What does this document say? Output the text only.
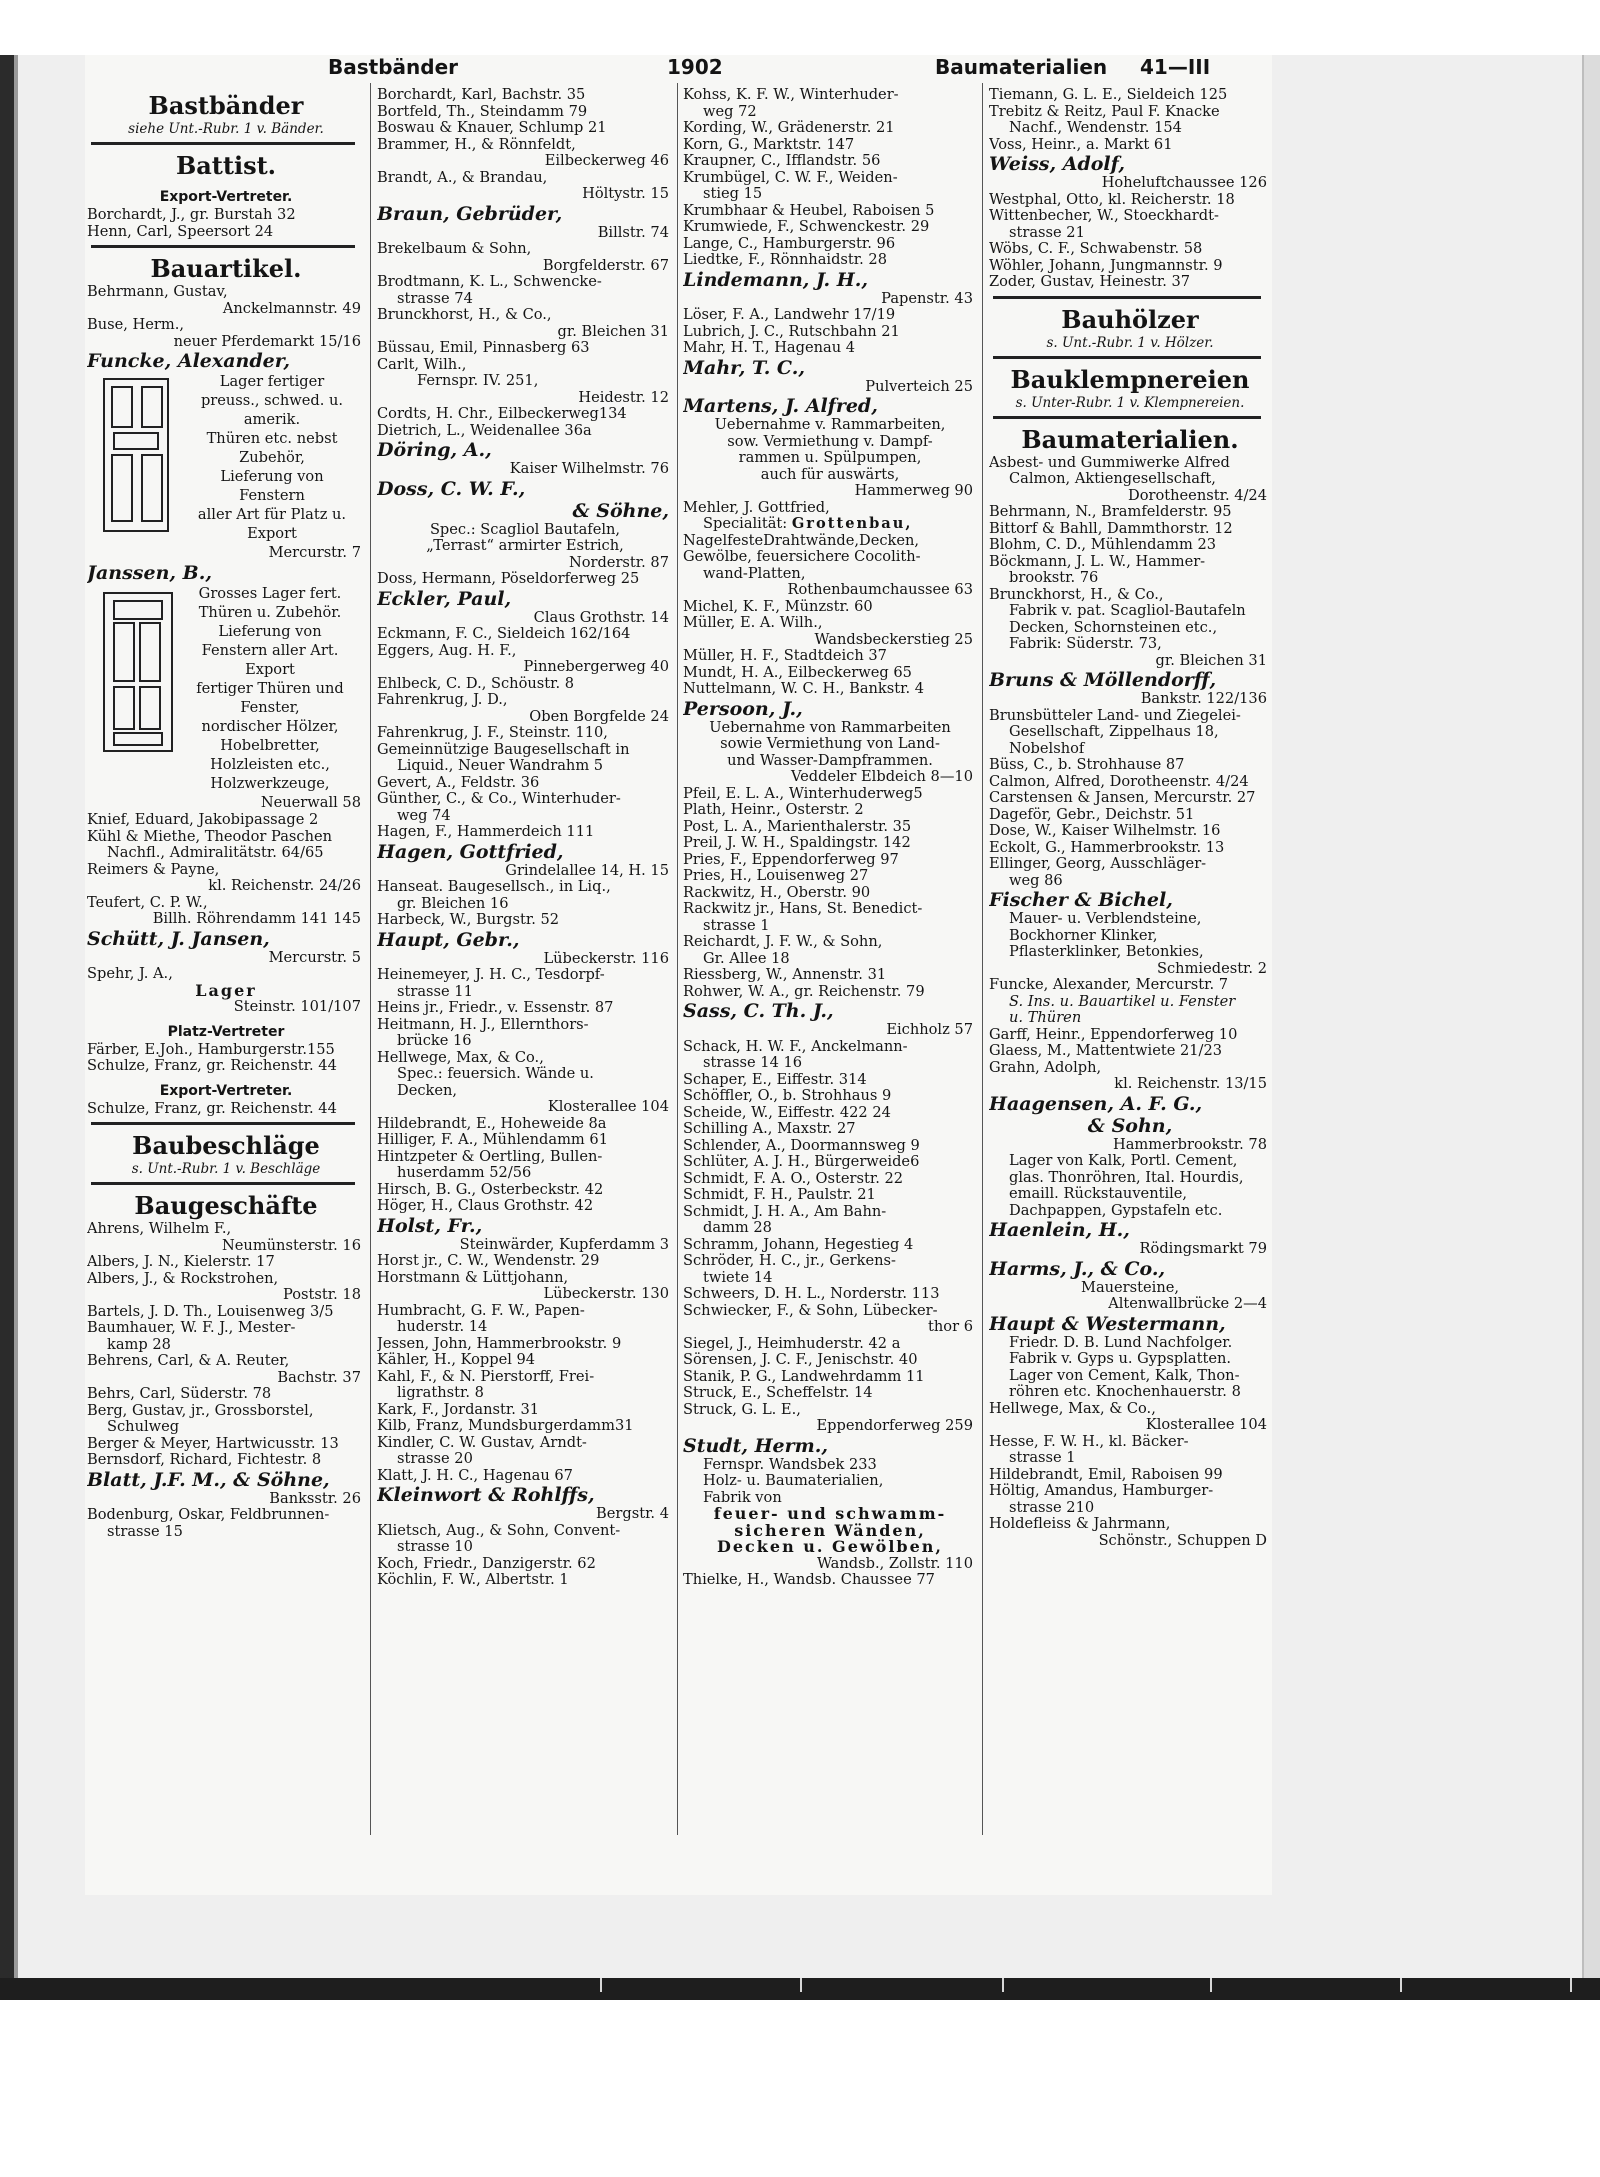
Bastbänder	1902	Baumaterialien 41—III
Bastbänder
siehe Unt.-Rubr. 1 v. Bänder.
Battist.
Export-Vertreter.
Borchardt, J., gr. Burstah 32
Henn, Carl, Speersort 24
Bauartikel.
Behrmann, Gustav,
Anckelmannstr. 49
Buse, Herm.,
neuer Pferdemarkt 15/16
Funcke, Alexander,
Lager fertiger
preuss., schwed. u.
amerik.
Thüren etc. nebst
Zubehör,
Lieferung von
Fenstern
aller Art für Platz u.
Export
Mercurstr. 7
Janssen, B.,
Grosses Lager fert.
Thüren u. Zubehör.
Lieferung von
Fenstern aller Art.
Export
fertiger Thüren und
Fenster,
nordischer Hölzer,
Hobelbretter,
Holzleisten etc.,
Holzwerkzeuge,
Neuerwall 58
Knief, Eduard, Jakobipassage 2
Kühl & Miethe, Theodor Paschen
Nachfl., Admiralitätstr. 64/65
Reimers & Payne,
kl. Reichenstr. 24/26
Teufert, C. P. W.,
Billh. Röhrendamm 141 145
Schütt, J. Jansen,
Mercurstr. 5
Spehr, J. A.,
Lager
Steinstr. 101/107
Platz-Vertreter
Färber, E.Joh., Hamburgerstr.155
Schulze, Franz, gr. Reichenstr. 44
Export-Vertreter.
Schulze, Franz, gr. Reichenstr. 44
Baubeschläge
s. Unt.-Rubr. 1 v. Beschläge
Baugeschäfte
Ahrens, Wilhelm F.,
Neumünsterstr. 16
Albers, J. N., Kielerstr. 17
Albers, J., & Rockstrohen,
Poststr. 18
Bartels, J. D. Th., Louisenweg 3/5
Baumhauer, W. F. J., Mester-
kamp 28
Behrens, Carl, & A. Reuter,
Bachstr. 37
Behrs, Carl, Süderstr. 78
Berg, Gustav, jr., Grossborstel,
Schulweg
Berger & Meyer, Hartwicusstr. 13
Bernsdorf, Richard, Fichtestr. 8
Blatt, J.F. M., & Söhne,
Banksstr. 26
Bodenburg, Oskar, Feldbrunnen-
strasse 15
Borchardt, Karl, Bachstr. 35
Bortfeld, Th., Steindamm 79
Boswau & Knauer, Schlump 21
Brammer, H., & Rönnfeldt,
Eilbeckerweg 46
Brandt, A., & Brandau,
Höltystr. 15
Braun, Gebrüder,
Billstr. 74
Brekelbaum & Sohn,
Borgfelderstr. 67
Brodtmann, K. L., Schwencke-
strasse 74
Brunckhorst, H., & Co.,
gr. Bleichen 31
Büssau, Emil, Pinnasberg 63
Carlt, Wilh.,
Fernspr. IV. 251,
Heidestr. 12
Cordts, H. Chr., Eilbeckerweg134
Dietrich, L., Weidenallee 36a
Döring, A.,
Kaiser Wilhelmstr. 76
Doss, C. W. F.,
& Söhne,
Spec.: Scagliol Bautafeln,
„Terrast“ armirter Estrich,
Norderstr. 87
Doss, Hermann, Pöseldorferweg 25
Eckler, Paul,
Claus Grothstr. 14
Eckmann, F. C., Sieldeich 162/164
Eggers, Aug. H. F.,
Pinnebergerweg 40
Ehlbeck, C. D., Schöustr. 8
Fahrenkrug, J. D.,
Oben Borgfelde 24
Fahrenkrug, J. F., Steinstr. 110,
Gemeinnützige Baugesellschaft in
Liquid., Neuer Wandrahm 5
Gevert, A., Feldstr. 36
Günther, C., & Co., Winterhuder-
weg 74
Hagen, F., Hammerdeich 111
Hagen, Gottfried,
Grindelallee 14, H. 15
Hanseat. Baugesellsch., in Liq.,
gr. Bleichen 16
Harbeck, W., Burgstr. 52
Haupt, Gebr.,
Lübeckerstr. 116
Heinemeyer, J. H. C., Tesdorpf-
strasse 11
Heins jr., Friedr., v. Essenstr. 87
Heitmann, H. J., Ellernthors-
brücke 16
Hellwege, Max, & Co.,
Spec.: feuersich. Wände u.
Decken,
Klosterallee 104
Hildebrandt, E., Hoheweide 8a
Hilliger, F. A., Mühlendamm 61
Hintzpeter & Oertling, Bullen-
huserdamm 52/56
Hirsch, B. G., Osterbeckstr. 42
Höger, H., Claus Grothstr. 42
Holst, Fr.,
Steinwärder, Kupferdamm 3
Horst jr., C. W., Wendenstr. 29
Horstmann & Lüttjohann,
Lübeckerstr. 130
Humbracht, G. F. W., Papen-
huderstr. 14
Jessen, John, Hammerbrookstr. 9
Kähler, H., Koppel 94
Kahl, F., & N. Pierstorff, Frei-
ligrathstr. 8
Kark, F., Jordanstr. 31
Kilb, Franz, Mundsburgerdamm31
Kindler, C. W. Gustav, Arndt-
strasse 20
Klatt, J. H. C., Hagenau 67
Kleinwort & Rohlffs,
Bergstr. 4
Klietsch, Aug., & Sohn, Convent-
strasse 10
Koch, Friedr., Danzigerstr. 62
Köchlin, F. W., Albertstr. 1
Kohss, K. F. W., Winterhuder-
weg 72
Kording, W., Grädenerstr. 21
Korn, G., Marktstr. 147
Kraupner, C., Ifflandstr. 56
Krumbügel, C. W. F., Weiden-
stieg 15
Krumbhaar & Heubel, Raboisen 5
Krumwiede, F., Schwenckestr. 29
Lange, C., Hamburgerstr. 96
Liedtke, F., Rönnhaidstr. 28
Lindemann, J. H.,
Papenstr. 43
Löser, F. A., Landwehr 17/19
Lubrich, J. C., Rutschbahn 21
Mahr, H. T., Hagenau 4
Mahr, T. C.,
Pulverteich 25
Martens, J. Alfred,
Uebernahme v. Rammarbeiten,
sow. Vermiethung v. Dampf-
rammen u. Spülpumpen,
auch für auswärts,
Hammerweg 90
Mehler, J. Gottfried,
Specialität: Grottenbau,
NagelfesteDrahtwände,Decken,
Gewölbe, feuersichere Cocolith-
wand-Platten,
Rothenbaumchaussee 63
Michel, K. F., Münzstr. 60
Müller, E. A. Wilh.,
Wandsbeckerstieg 25
Müller, H. F., Stadtdeich 37
Mundt, H. A., Eilbeckerweg 65
Nuttelmann, W. C. H., Bankstr. 4
Persoon, J.,
Uebernahme von Rammarbeiten
sowie Vermiethung von Land-
und Wasser-Dampframmen.
Veddeler Elbdeich 8—10
Pfeil, E. L. A., Winterhuderweg5
Plath, Heinr., Osterstr. 2
Post, L. A., Marienthalerstr. 35
Preil, J. W. H., Spaldingstr. 142
Pries, F., Eppendorferweg 97
Pries, H., Louisenweg 27
Rackwitz, H., Oberstr. 90
Rackwitz jr., Hans, St. Benedict-
strasse 1
Reichardt, J. F. W., & Sohn,
Gr. Allee 18
Riessberg, W., Annenstr. 31
Rohwer, W. A., gr. Reichenstr. 79
Sass, C. Th. J.,
Eichholz 57
Schack, H. W. F., Anckelmann-
strasse 14 16
Schaper, E., Eiffestr. 314
Schöffler, O., b. Strohhaus 9
Scheide, W., Eiffestr. 422 24
Schilling A., Maxstr. 27
Schlender, A., Doormannsweg 9
Schlüter, A. J. H., Bürgerweide6
Schmidt, F. A. O., Osterstr. 22
Schmidt, F. H., Paulstr. 21
Schmidt, J. H. A., Am Bahn-
damm 28
Schramm, Johann, Hegestieg 4
Schröder, H. C., jr., Gerkens-
twiete 14
Schweers, D. H. L., Norderstr. 113
Schwiecker, F., & Sohn, Lübecker-
thor 6
Siegel, J., Heimhuderstr. 42 a
Sörensen, J. C. F., Jenischstr. 40
Stanik, P. G., Landwehrdamm 11
Struck, E., Scheffelstr. 14
Struck, G. L. E.,
Eppendorferweg 259
Studt, Herm.,
Fernspr. Wandsbek 233
Holz- u. Baumaterialien,
Fabrik von
feuer- und schwamm-
sicheren Wänden,
Decken u. Gewölben,
Wandsb., Zollstr. 110
Thielke, H., Wandsb. Chaussee 77
Tiemann, G. L. E., Sieldeich 125
Trebitz & Reitz, Paul F. Knacke
Nachf., Wendenstr. 154
Voss, Heinr., a. Markt 61
Weiss, Adolf,
Hoheluftchaussee 126
Westphal, Otto, kl. Reicherstr. 18
Wittenbecher, W., Stoeckhardt-
strasse 21
Wöbs, C. F., Schwabenstr. 58
Wöhler, Johann, Jungmannstr. 9
Zoder, Gustav, Heinestr. 37
Bauhölzer
s. Unt.-Rubr. 1 v. Hölzer.
Bauklempnereien
s. Unter-Rubr. 1 v. Klempnereien.
Baumaterialien.
Asbest- und Gummiwerke Alfred
Calmon, Aktiengesellschaft,
Dorotheenstr. 4/24
Behrmann, N., Bramfelderstr. 95
Bittorf & Bahll, Dammthorstr. 12
Blohm, C. D., Mühlendamm 23
Böckmann, J. L. W., Hammer-
brookstr. 76
Brunckhorst, H., & Co.,
Fabrik v. pat. Scagliol-Bautafeln
Decken, Schornsteinen etc.,
Fabrik: Süderstr. 73,
gr. Bleichen 31
Bruns & Möllendorff,
Bankstr. 122/136
Brunsbütteler Land- und Ziegelei-
Gesellschaft, Zippelhaus 18,
Nobelshof
Büss, C., b. Strohhause 87
Calmon, Alfred, Dorotheenstr. 4/24
Carstensen & Jansen, Mercurstr. 27
Dageför, Gebr., Deichstr. 51
Dose, W., Kaiser Wilhelmstr. 16
Eckolt, G., Hammerbrookstr. 13
Ellinger, Georg, Ausschläger-
weg 86
Fischer & Bichel,
Mauer- u. Verblendsteine,
Bockhorner Klinker,
Pflasterklinker, Betonkies,
Schmiedestr. 2
Funcke, Alexander, Mercurstr. 7
S. Ins. u. Bauartikel u. Fenster
u. Thüren
Garff, Heinr., Eppendorferweg 10
Glaess, M., Mattentwiete 21/23
Grahn, Adolph,
kl. Reichenstr. 13/15
Haagensen, A. F. G.,
& Sohn,
Hammerbrookstr. 78
Lager von Kalk, Portl. Cement,
glas. Thonröhren, Ital. Hourdis,
emaill. Rückstauventile,
Dachpappen, Gypstafeln etc.
Haenlein, H.,
Rödingsmarkt 79
Harms, J., & Co.,
Mauersteine,
Altenwallbrücke 2—4
Haupt & Westermann,
Friedr. D. B. Lund Nachfolger.
Fabrik v. Gyps u. Gypsplatten.
Lager von Cement, Kalk, Thon-
röhren etc. Knochenhauerstr. 8
Hellwege, Max, & Co.,
Klosterallee 104
Hesse, F. W. H., kl. Bäcker-
strasse 1
Hildebrandt, Emil, Raboisen 99
Höltig, Amandus, Hamburger-
strasse 210
Holdefleiss & Jahrmann,
Schönstr., Schuppen D
